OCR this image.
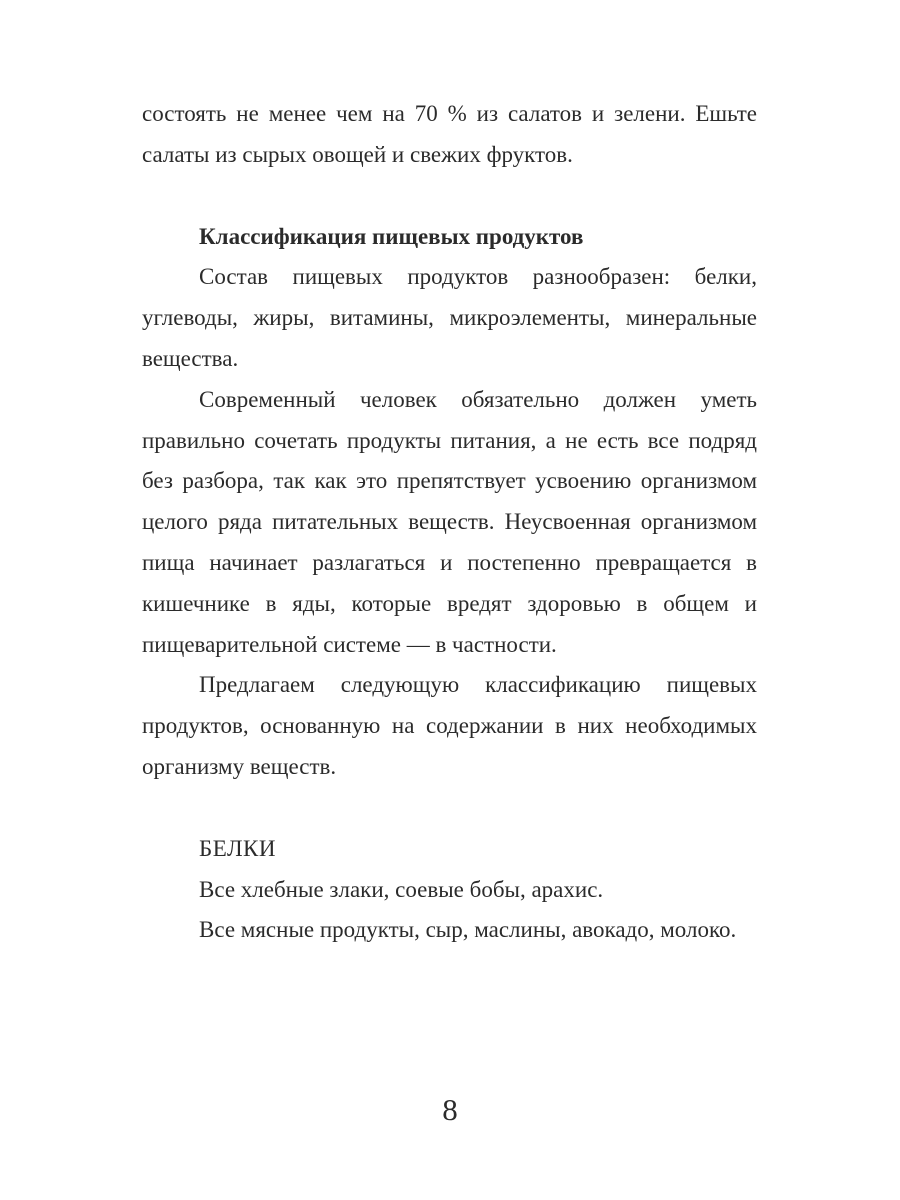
состоять не менее чем на 70 % из салатов и зелени. Ешьте салаты из сырых овощей и свежих фруктов.

Классификация пищевых продуктов

Состав пищевых продуктов разнообразен: белки, углеводы, жиры, витамины, микроэлементы, минеральные вещества.

Современный человек обязательно должен уметь правильно сочетать продукты питания, а не есть все подряд без разбора, так как это препятствует усвоению организмом целого ряда питательных веществ. Неусвоенная организмом пища начинает разлагаться и постепенно превращается в кишечнике в яды, которые вредят здоровью в общем и пищеварительной системе — в частности.

Предлагаем следующую классификацию пищевых продуктов, основанную на содержании в них необходимых организму веществ.

БЕЛКИ

Все хлебные злаки, соевые бобы, арахис.

Все мясные продукты, сыр, маслины, авокадо, молоко.

8
